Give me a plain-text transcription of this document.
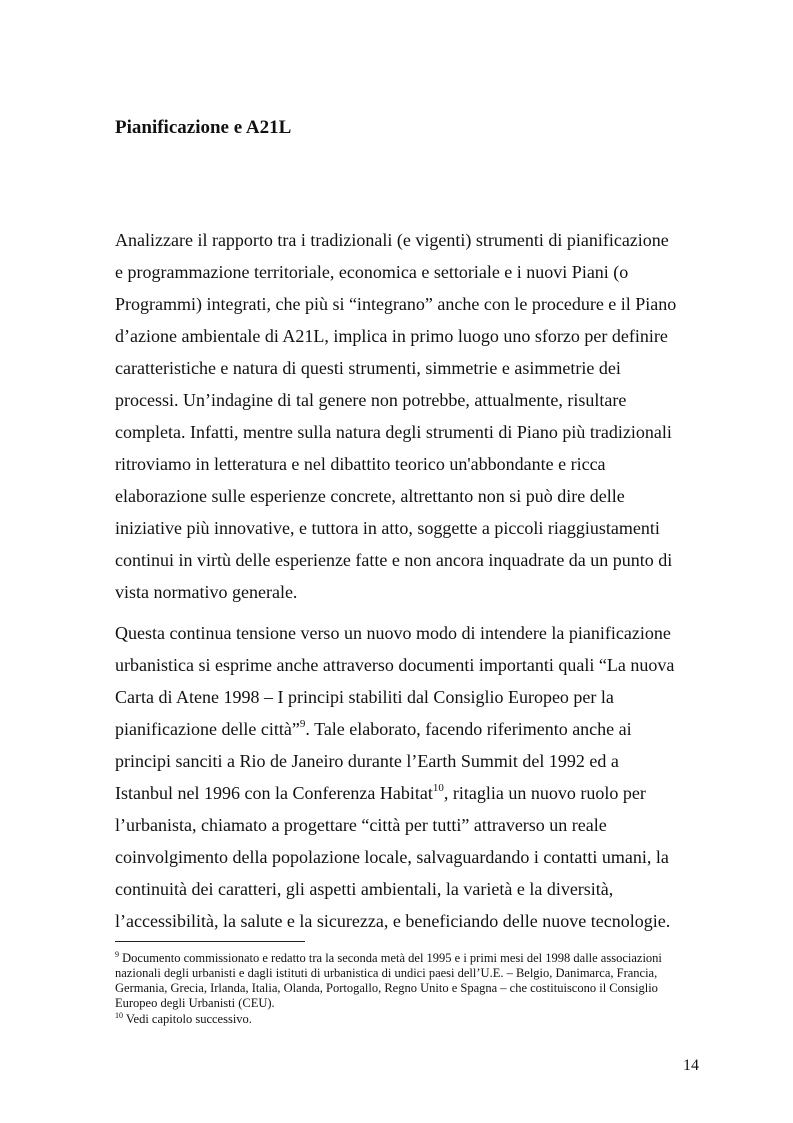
Pianificazione e A21L
Analizzare il rapporto tra i tradizionali (e vigenti) strumenti di pianificazione
e programmazione territoriale, economica e settoriale e i nuovi Piani (o
Programmi) integrati, che più si “integrano” anche con le procedure e il Piano
d’azione ambientale di A21L, implica in primo luogo uno sforzo per definire
caratteristiche e natura di questi strumenti, simmetrie e asimmetrie dei
processi. Un’indagine di tal genere non potrebbe, attualmente, risultare
completa. Infatti, mentre sulla natura degli strumenti di Piano più tradizionali
ritroviamo in letteratura e nel dibattito teorico un'abbondante e ricca
elaborazione sulle esperienze concrete, altrettanto non si può dire delle
iniziative più innovative, e tuttora in atto, soggette a piccoli riaggiustamenti
continui in virtù delle esperienze fatte e non ancora inquadrate da un punto di
vista normativo generale.
Questa continua tensione verso un nuovo modo di intendere la pianificazione
urbanistica si esprime anche attraverso documenti importanti quali “La nuova
Carta di Atene 1998 – I principi stabiliti dal Consiglio Europeo per la
pianificazione delle città”$^9$. Tale elaborato, facendo riferimento anche ai
principi sanciti a Rio de Janeiro durante l’Earth Summit del 1992 ed a
Istanbul nel 1996 con la Conferenza Habitat$^{10}$, ritaglia un nuovo ruolo per
l’urbanista, chiamato a progettare “città per tutti” attraverso un reale
coinvolgimento della popolazione locale, salvaguardando i contatti umani, la
continuità dei caratteri, gli aspetti ambientali, la varietà e la diversità,
l’accessibilità, la salute e la sicurezza, e beneficiando delle nuove tecnologie.
$^9$ Documento commissionato e redatto tra la seconda metà del 1995 e i primi mesi del 1998 dalle associazioni
nazionali degli urbanisti e dagli istituti di urbanistica di undici paesi dell’U.E. – Belgio, Danimarca, Francia,
Germania, Grecia, Irlanda, Italia, Olanda, Portogallo, Regno Unito e Spagna – che costituiscono il Consiglio
Europeo degli Urbanisti (CEU).
$^{10}$ Vedi capitolo successivo.
14
